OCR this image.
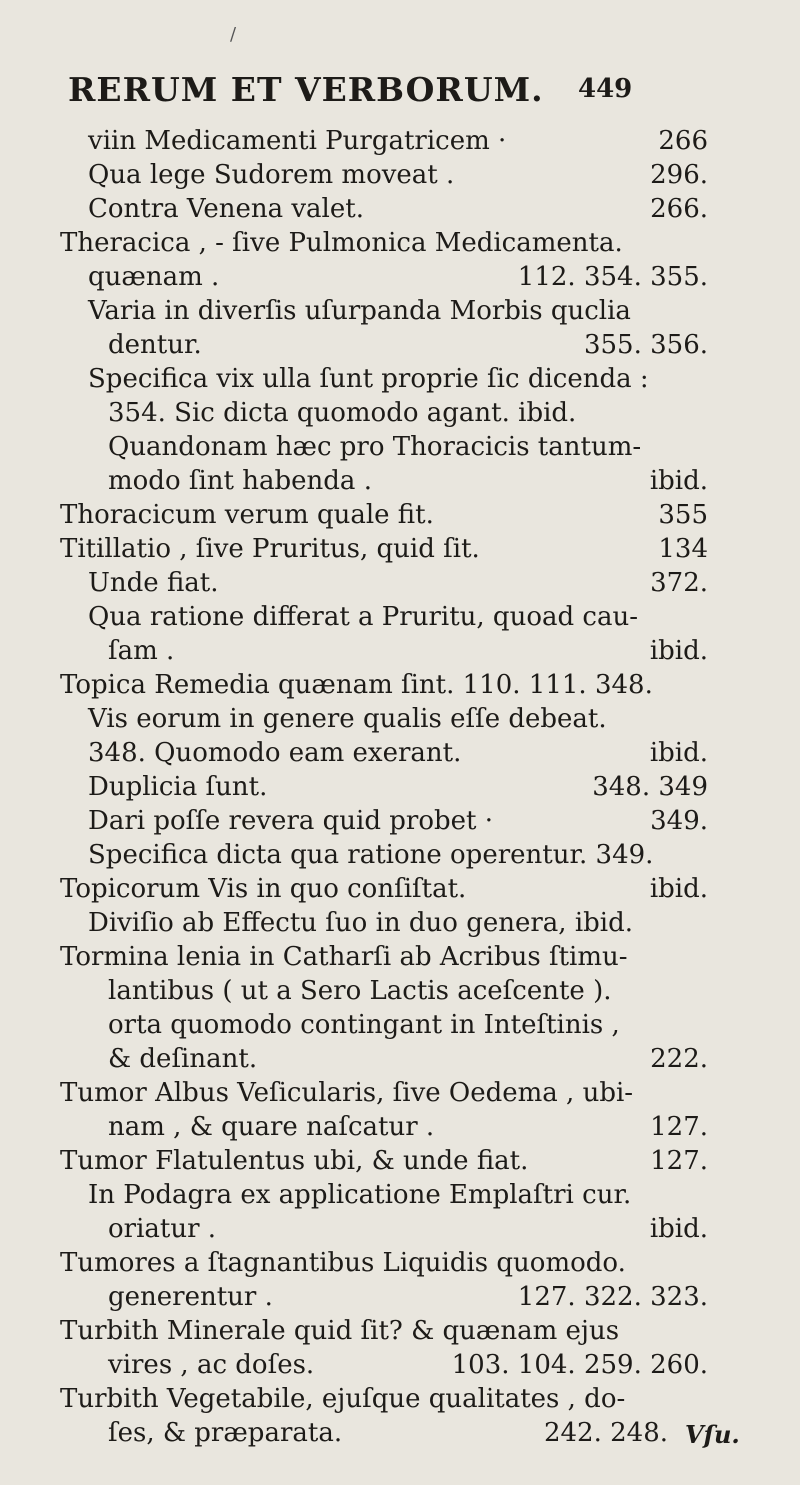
/
RERUM ET VERBORUM. 449
viin Medicamenti Purgatricem ·	266
Qua lege Sudorem moveat .	296.
Contra Venena valet.	266.
Theracica , - ſive Pulmonica Medicamenta.
quænam .	112. 354. 355.
Varia in diverſis uſurpanda Morbis quclia
dentur.	355. 356.
Specifica vix ulla ſunt proprie ſic dicenda :
354. Sic dicta quomodo agant. ibid.
Quandonam hæc pro Thoracicis tantum-
modo ſint habenda .	ibid.
Thoracicum verum quale fit.	355
Titillatio , ſive Pruritus, quid ſit.	134
Unde fiat.	372.
Qua ratione differat a Pruritu, quoad cau-
ſam .	ibid.
Topica Remedia quænam ſint. 110. 111. 348.
Vis eorum in genere qualis eſſe debeat.
348. Quomodo eam exerant.	ibid.
Duplicia ſunt.	348. 349
Dari poſſe revera quid probet ·	349.
Specifica dicta qua ratione operentur. 349.
Topicorum Vis in quo conſiſtat.	ibid.
Diviſio ab Effectu ſuo in duo genera, ibid.
Tormina lenia in Catharſi ab Acribus ſtimu-
lantibus ( ut a Sero Lactis aceſcente ).
orta quomodo contingant in Inteſtinis ,
& deſinant.	222.
Tumor Albus Veſicularis, ſive Oedema , ubi-
nam , & quare naſcatur .	127.
Tumor Flatulentus ubi, & unde fiat.	127.
In Podagra ex applicatione Emplaſtri cur.
oriatur .	ibid.
Tumores a ſtagnantibus Liquidis quomodo.
generentur .	127. 322. 323.
Turbith Minerale quid ſit? & quænam ejus
vires , ac doſes.	103. 104. 259. 260.
Turbith Vegetabile, ejuſque qualitates , do-
ſes, & præparata.	242. 248. Vſu.
